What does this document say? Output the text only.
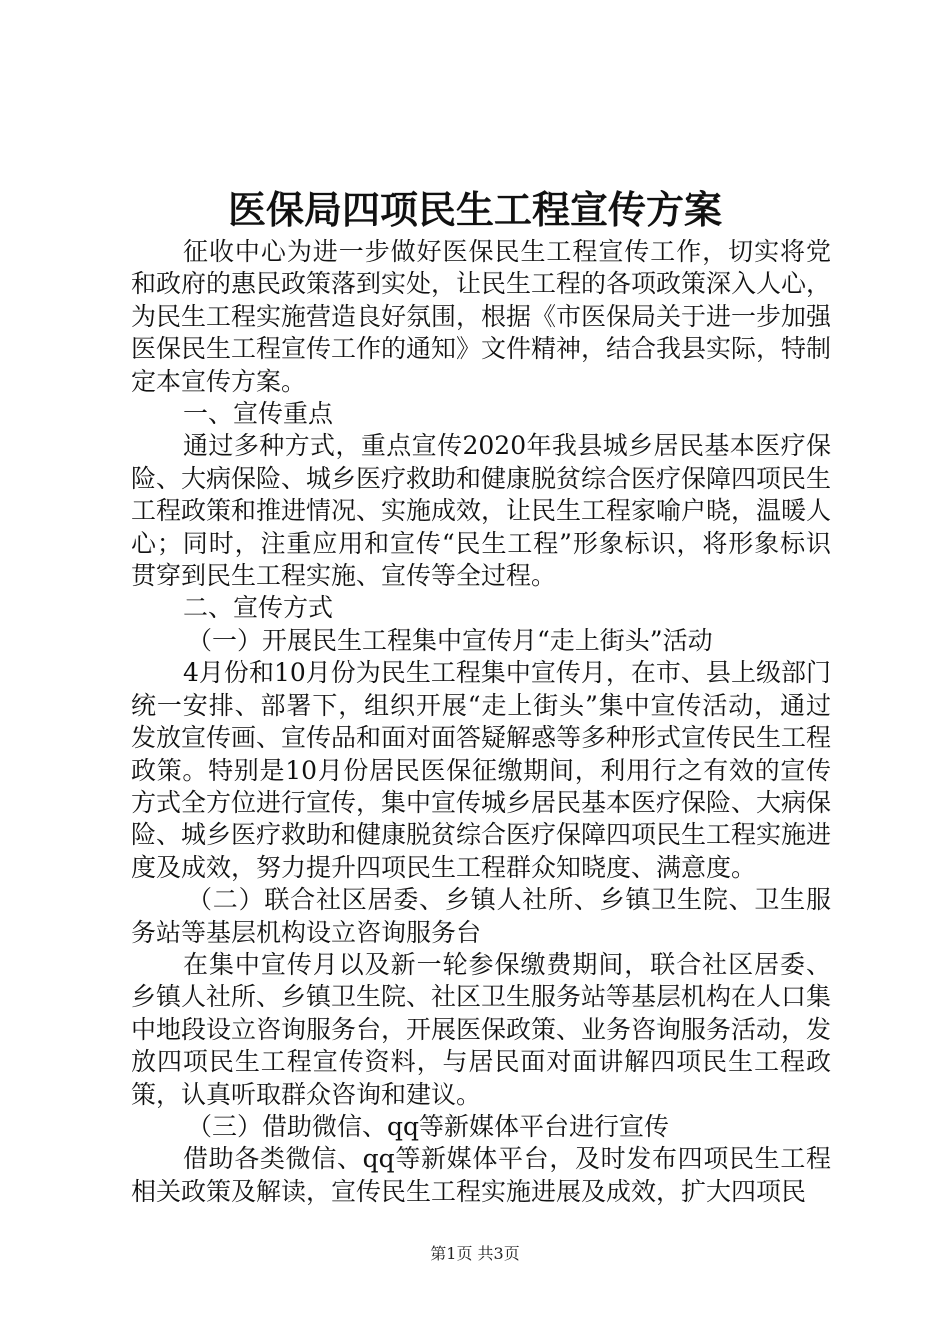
医保局四项民生工程宣传方案

征收中心为进一步做好医保民生工程宣传工作，切实将党和政府的惠民政策落到实处，让民生工程的各项政策深入人心，为民生工程实施营造良好氛围，根据《市医保局关于进一步加强医保民生工程宣传工作的通知》文件精神，结合我县实际，特制定本宣传方案。

一、宣传重点

通过多种方式，重点宣传2020年我县城乡居民基本医疗保险、大病保险、城乡医疗救助和健康脱贫综合医疗保障四项民生工程政策和推进情况、实施成效，让民生工程家喻户晓，温暖人心；同时，注重应用和宣传“民生工程”形象标识，将形象标识贯穿到民生工程实施、宣传等全过程。

二、宣传方式

（一）开展民生工程集中宣传月“走上街头”活动

4月份和10月份为民生工程集中宣传月，在市、县上级部门统一安排、部署下，组织开展“走上街头”集中宣传活动，通过发放宣传画、宣传品和面对面答疑解惑等多种形式宣传民生工程政策。特别是10月份居民医保征缴期间，利用行之有效的宣传方式全方位进行宣传，集中宣传城乡居民基本医疗保险、大病保险、城乡医疗救助和健康脱贫综合医疗保障四项民生工程实施进度及成效，努力提升四项民生工程群众知晓度、满意度。

（二）联合社区居委、乡镇人社所、乡镇卫生院、卫生服务站等基层机构设立咨询服务台

在集中宣传月以及新一轮参保缴费期间，联合社区居委、乡镇人社所、乡镇卫生院、社区卫生服务站等基层机构在人口集中地段设立咨询服务台，开展医保政策、业务咨询服务活动，发放四项民生工程宣传资料，与居民面对面讲解四项民生工程政策，认真听取群众咨询和建议。

（三）借助微信、qq等新媒体平台进行宣传

借助各类微信、qq等新媒体平台，及时发布四项民生工程相关政策及解读，宣传民生工程实施进展及成效，扩大四项民

第1页 共3页
